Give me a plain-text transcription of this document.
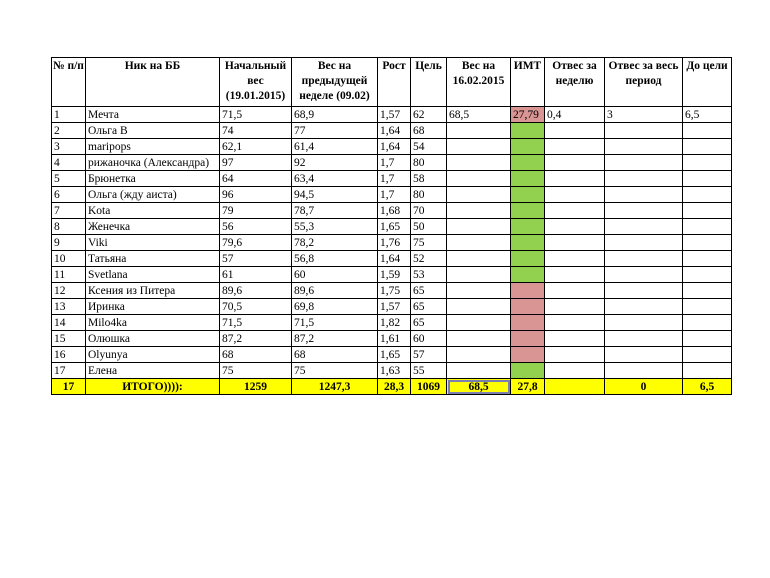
№ п/п	Ник на ББ	Начальный вес (19.01.2015)	Вес на предыдущей неделе (09.02)	Рост	Цель	Вес на 16.02.2015	ИМТ	Отвес за неделю	Отвес за весь период	До цели
1	Мечта	71,5	68,9	1,57	62	68,5	27,79	0,4	3	6,5
2	Ольга В	74	77	1,64	68					
3	maripops	62,1	61,4	1,64	54					
4	рижаночка (Александра)	97	92	1,7	80					
5	Брюнетка	64	63,4	1,7	58					
6	Ольга (жду аиста)	96	94,5	1,7	80					
7	Kota	79	78,7	1,68	70					
8	Женечка	56	55,3	1,65	50					
9	Viki	79,6	78,2	1,76	75					
10	Татьяна	57	56,8	1,64	52					
11	Svetlana	61	60	1,59	53					
12	Ксения из Питера	89,6	89,6	1,75	65					
13	Иринка	70,5	69,8	1,57	65					
14	Milo4ka	71,5	71,5	1,82	65					
15	Олюшка	87,2	87,2	1,61	60					
16	Olyunya	68	68	1,65	57					
17	Елена	75	75	1,63	55					
17	ИТОГО)))):	1259	1247,3	28,3	1069	68,5	27,8		0	6,5
